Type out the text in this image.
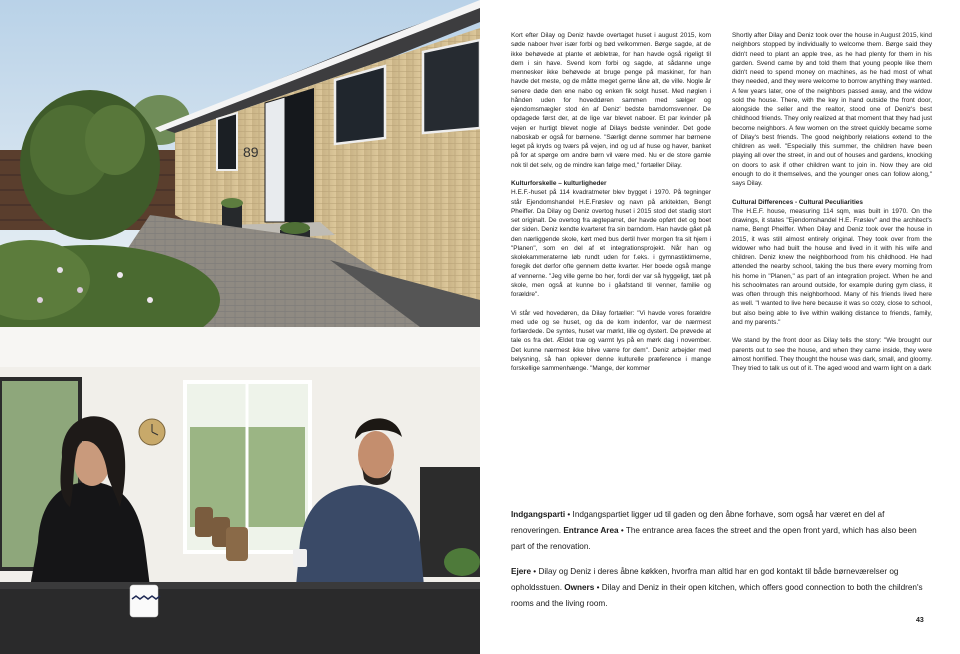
89

Kort efter Dilay og Deniz havde overtaget huset i august 2015, kom søde naboer hver især forbi og bød velkommen. Børge sagde, at de ikke behøvede at plante et æbletræ, for han havde også rigeligt til dem i sin have. Svend kom forbi og sagde, at sådanne unge mennesker ikke behøvede at bruge penge på maskiner, for han havde det meste, og de måtte meget gerne låne alt, de ville. Nogle år senere døde den ene nabo og enken fik solgt huset. Med nøglen i hånden uden for hoveddøren sammen med sælger og ejendomsmægler stod én af Deniz' bedste barndomsvenner. De opdagede først der, at de lige var blevet naboer. Et par kvinder på vejen er hurtigt blevet nogle af Dilays bedste veninder. Det gode naboskab er også for børnene. "Særligt denne sommer har børnene leget på kryds og tværs på vejen, ind og ud af huse og haver, banket på for at spørge om andre børn vil være med. Nu er de store gamle nok til det selv, og de mindre kan følge med," fortæller Dilay.

Kulturforskelle – kulturligheder

H.E.F.-huset på 114 kvadratmeter blev bygget i 1970. På tegninger står Ejendomshandel H.E.Frøslev og navn på arkitekten, Bengt Pheiffer. Da Dilay og Deniz overtog huset i 2015 stod det stadig stort set originalt. De overtog fra ægteparret, der havde opført det og boet der siden. Deniz kendte kvarteret fra sin barndom. Han havde gået på den nærliggende skole, kørt med bus dertil hver morgen fra sit hjem i "Planen", som en del af et integrationsprojekt. Når han og skolekammeraterne løb rundt uden for f.eks. i gymnastiktimerne, foregik det derfor ofte gennem dette kvarter. Her boede også mange af vennerne. "Jeg ville gerne bo her, fordi der var så hyggeligt, tæt på skole, men også at kunne bo i gåafstand til venner, familie og forældre".

Vi står ved hovedøren, da Dilay fortæller: "Vi havde vores forældre med ude og se huset, og da de kom indenfor, var de nærmest forfærdede. De syntes, huset var mørkt, lille og dystert. De prøvede at tale os fra det. Ældet træ og varmt lys på en mørk dag i november. Det kunne nærmest ikke blive værre for dem". Deniz arbejder med belysning, så han oplever denne kulturelle præference i mange forskellige sammenhænge. "Mange, der kommer

Shortly after Dilay and Deniz took over the house in August 2015, kind neighbors stopped by individually to welcome them. Børge said they didn't need to plant an apple tree, as he had plenty for them in his garden. Svend came by and told them that young people like them didn't need to spend money on machines, as he had most of what they needed, and they were welcome to borrow anything they wanted. A few years later, one of the neighbors passed away, and the widow sold the house. There, with the key in hand outside the front door, alongside the seller and the realtor, stood one of Deniz's best childhood friends. They only realized at that moment that they had just become neighbors. A few women on the street quickly became some of Dilay's best friends. The good neighborly relations extend to the children as well. "Especially this summer, the children have been playing all over the street, in and out of houses and gardens, knocking on doors to ask if other children want to join in. Now they are old enough to do it themselves, and the younger ones can follow along," says Dilay.

Cultural Differences - Cultural Peculiarities

The H.E.F. house, measuring 114 sqm, was built in 1970. On the drawings, it states "Ejendomshandel H.E. Frøslev" and the architect's name, Bengt Pheiffer. When Dilay and Deniz took over the house in 2015, it was still almost entirely original. They took over from the widower who had built the house and lived in it with his wife and children. Deniz knew the neighborhood from his childhood. He had attended the nearby school, taking the bus there every morning from his home in "Planen," as part of an integration project. When he and his schoolmates ran around outside, for example during gym class, it was often through this neighborhood. Many of his friends lived here as well. "I wanted to live here because it was so cozy, close to school, but also being able to live within walking distance to friends, family, and my parents."

We stand by the front door as Dilay tells the story: "We brought our parents out to see the house, and when they came inside, they were almost horrified. They thought the house was dark, small, and gloomy. They tried to talk us out of it. The aged wood and warm light on a dark

Indgangsparti • Indgangspartiet ligger ud til gaden og den åbne forhave, som også har været en del af renoveringen. Entrance Area • The entrance area faces the street and the open front yard, which has also been part of the renovation.

Ejere • Dilay og Deniz i deres åbne køkken, hvorfra man altid har en god kontakt til både børneværelser og opholdsstuen. Owners • Dilay and Deniz in their open kitchen, which offers good connection to both the children's rooms and the living room.

43
